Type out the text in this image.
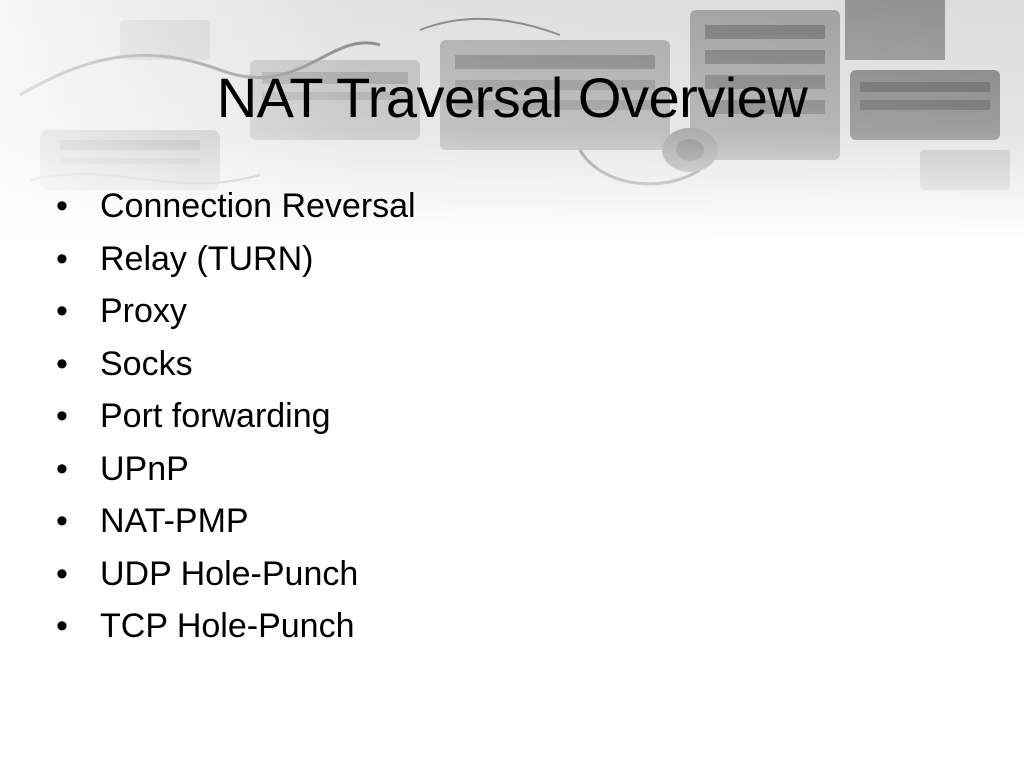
NAT Traversal Overview
• Connection Reversal
• Relay (TURN)
• Proxy
• Socks
• Port forwarding
• UPnP
• NAT-PMP
• UDP Hole-Punch
• TCP Hole-Punch
